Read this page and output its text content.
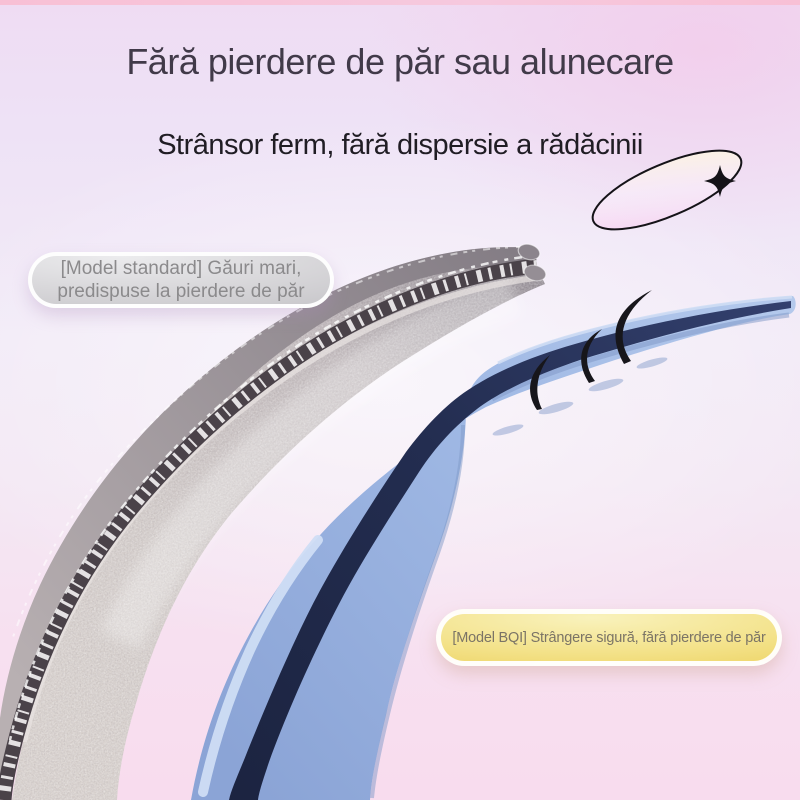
Fără pierdere de păr sau alunecare
Strânsor ferm, fără dispersie a rădăcinii
[Model standard] Găuri mari,
predispuse la pierdere de păr
[Model BQI] Strângere sigură, fără pierdere de păr
